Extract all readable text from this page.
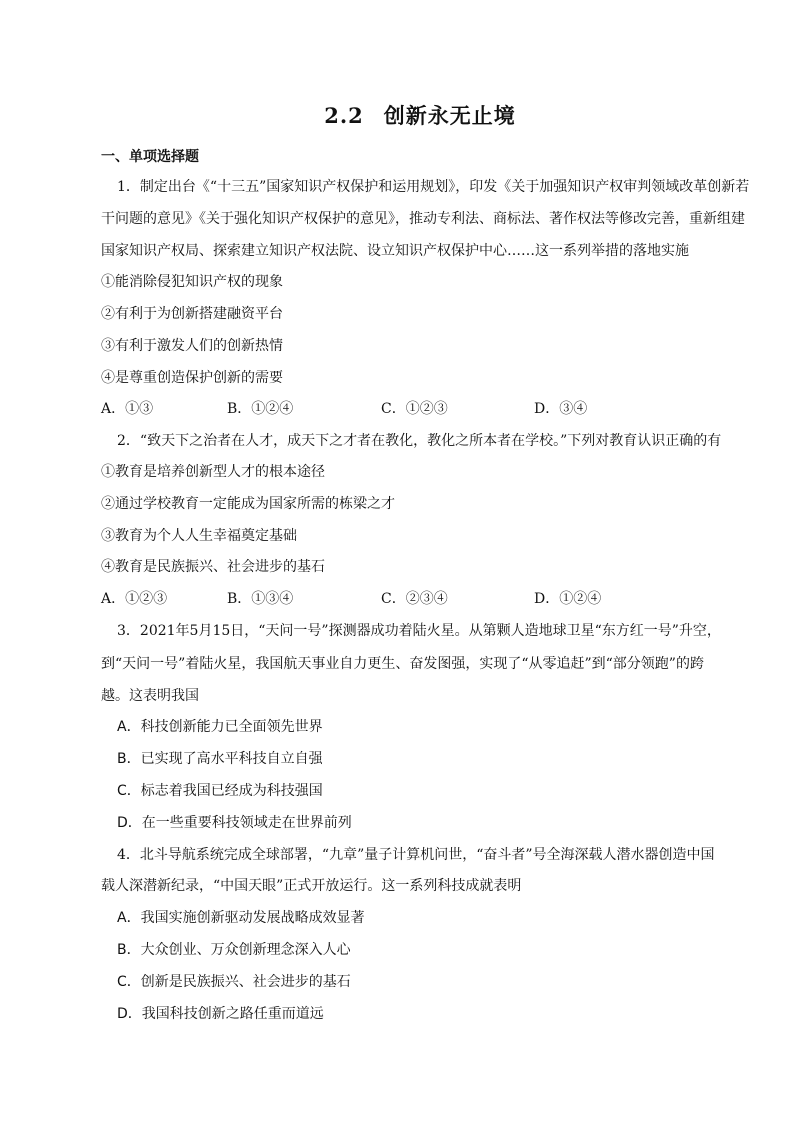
2.2 创新永无止境
一、单项选择题
1．制定出台《“十三五”国家知识产权保护和运用规划》，印发《关于加强知识产权审判领域改革创新若
干问题的意见》《关于强化知识产权保护的意见》，推动专利法、商标法、著作权法等修改完善，重新组建
国家知识产权局、探索建立知识产权法院、设立知识产权保护中心……这一系列举措的落地实施
①能消除侵犯知识产权的现象
②有利于为创新搭建融资平台
③有利于激发人们的创新热情
④是尊重创造保护创新的需要
A．①③	B．①②④	C．①②③	D．③④
2．“致天下之治者在人才，成天下之才者在教化，教化之所本者在学校。”下列对教育认识正确的有
①教育是培养创新型人才的根本途径
②通过学校教育一定能成为国家所需的栋梁之才
③教育为个人人生幸福奠定基础
④教育是民族振兴、社会进步的基石
A．①②③	B．①③④	C．②③④	D．①②④
3．2021年5月15日，“天问一号”探测器成功着陆火星。从第颗人造地球卫星“东方红一号”升空，
到“天问一号”着陆火星，我国航天事业自力更生、奋发图强，实现了“从零追赶”到“部分领跑”的跨
越。这表明我国
A．科技创新能力已全面领先世界
B．已实现了高水平科技自立自强
C．标志着我国已经成为科技强国
D．在一些重要科技领域走在世界前列
4．北斗导航系统完成全球部署，“九章”量子计算机问世，“奋斗者”号全海深载人潜水器创造中国
载人深潜新纪录，“中国天眼”正式开放运行。这一系列科技成就表明
A．我国实施创新驱动发展战略成效显著
B．大众创业、万众创新理念深入人心
C．创新是民族振兴、社会进步的基石
D．我国科技创新之路任重而道远
